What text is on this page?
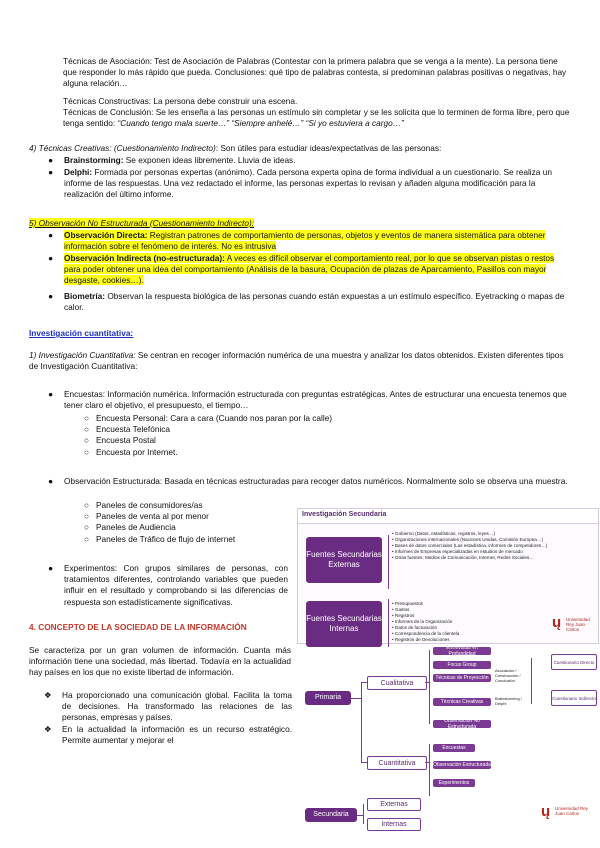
Técnicas de Asociación: Test de Asociación de Palabras (Contestar con la primera palabra que se venga a la mente). La persona tiene que responder lo más rápido que pueda. Conclusiones: qué tipo de palabras contesta, si predominan palabras positivas o negativas, hay alguna relación…

Técnicas Constructivas: La persona debe construir una escena.

Técnicas de Conclusión: Se les enseña a las personas un estímulo sin completar y se les solicita que lo terminen de forma libre, pero que tenga sentido: “Cuando tengo mala suerte…” “Siempre anhelé…” “Si yo estuviera a cargo…”

4) Técnicas Creativas: (Cuestionamiento Indirecto): Son útiles para estudiar ideas/expectativas de las personas:

●	Brainstorming: Se exponen ideas libremente. Lluvia de ideas.
●	Delphi: Formada por personas expertas (anónimo). Cada persona experta opina de forma individual a un cuestionario. Se realiza un informe de las respuestas. Una vez redactado el informe, las personas expertas lo revisan y añaden alguna modificación para la realización del último informe.

5) Observación No Estructurada (Cuestionamiento Indirecto):

●	Observación Directa: Registran patrones de comportamiento de personas, objetos y eventos de manera sistemática para obtener información sobre el fenómeno de interés. No es intrusiva
●	Observación Indirecta (no-estructurada): A veces es difícil observar el comportamiento real, por lo que se observan pistas o restos para poder obtener una idea del comportamiento (Análisis de la basura, Ocupación de plazas de Aparcamiento, Pasillos con mayor desgaste, cookies…).
●	Biometría: Observan la respuesta biológica de las personas cuando están expuestas a un estímulo específico. Eyetracking o mapas de calor.

Investigación cuantitativa:

1) Investigación Cuantitativa: Se centran en recoger información numérica de una muestra y analizar los datos obtenidos. Existen diferentes tipos de Investigación Cuantitativa:

●	Encuestas: Información numérica. Información estructurada con preguntas estratégicas. Antes de estructurar una encuesta tenemos que tener claro el objetivo, el presupuesto, el tiempo…
○ Encuesta Personal: Cara a cara (Cuando nos paran por la calle)
○ Encuesta Telefónica
○ Encuesta Postal
○ Encuesta por Internet.
●	Observación Estructurada: Basada en técnicas estructuradas para recoger datos numéricos. Normalmente solo se observa una muestra.
○ Paneles de consumidores/as
○ Paneles de venta al por menor
○ Paneles de Audiencia
○ Paneles de Tráfico de flujo de internet
●	Experimentos: Con grupos similares de personas, con tratamientos diferentes, controlando variables que pueden influir en el resultado y comprobando si las diferencias de respuesta son estadísticamente significativas.

4. CONCEPTO DE LA SOCIEDAD DE LA INFORMACIÓN

Se caracteriza por un gran volumen de información. Cuanta más información tiene una sociedad, más libertad. Todavía en la actualidad hay países en los que no existe libertad de información.

❖	Ha proporcionado una comunicación global. Facilita la toma de decisiones. Ha transformado las relaciones de las personas, empresas y países.
❖	En la actualidad la información es un recurso estratégico. Permite aumentar y mejorar el
Investigación Secundaria
Fuentes Secundarias Externas
Fuentes Secundarias Internas
• Gobierno (Datos, estadísticas, registros, leyes…)
• Organizaciones internacionales (Naciones Unidas, Comisión Europea…)
• Bases de datos comerciales (Las estadística, informes de competidores…)
• Informes de Empresas especializadas en estudios de mercado
• Otras fuentes: Medios de Comunicación, Internet, Redes Sociales…
• Presupuestos
• Gastos
• Registros
• Informes de la Organización
• Datos de facturación
• Correspondencia de la clientela
• Registros de Devoluciones
ų	Universidad Rey Juan Carlos
Primaria
Secundaria
Cualitativa
Cuantitativa
Externas
Internas
Entrevistas en Profundidad
Focus Group
Técnicas de Proyección
Técnicas Creativas
Observación No Estructurada
Asociación / Construcción / Conclusión
Brainstorming / Delphi
Encuestas
Observación Estructurada
Experimentos
Cuestionario Directo
Cuestionario Indirecto
ų	Universidad Rey Juan Carlos
